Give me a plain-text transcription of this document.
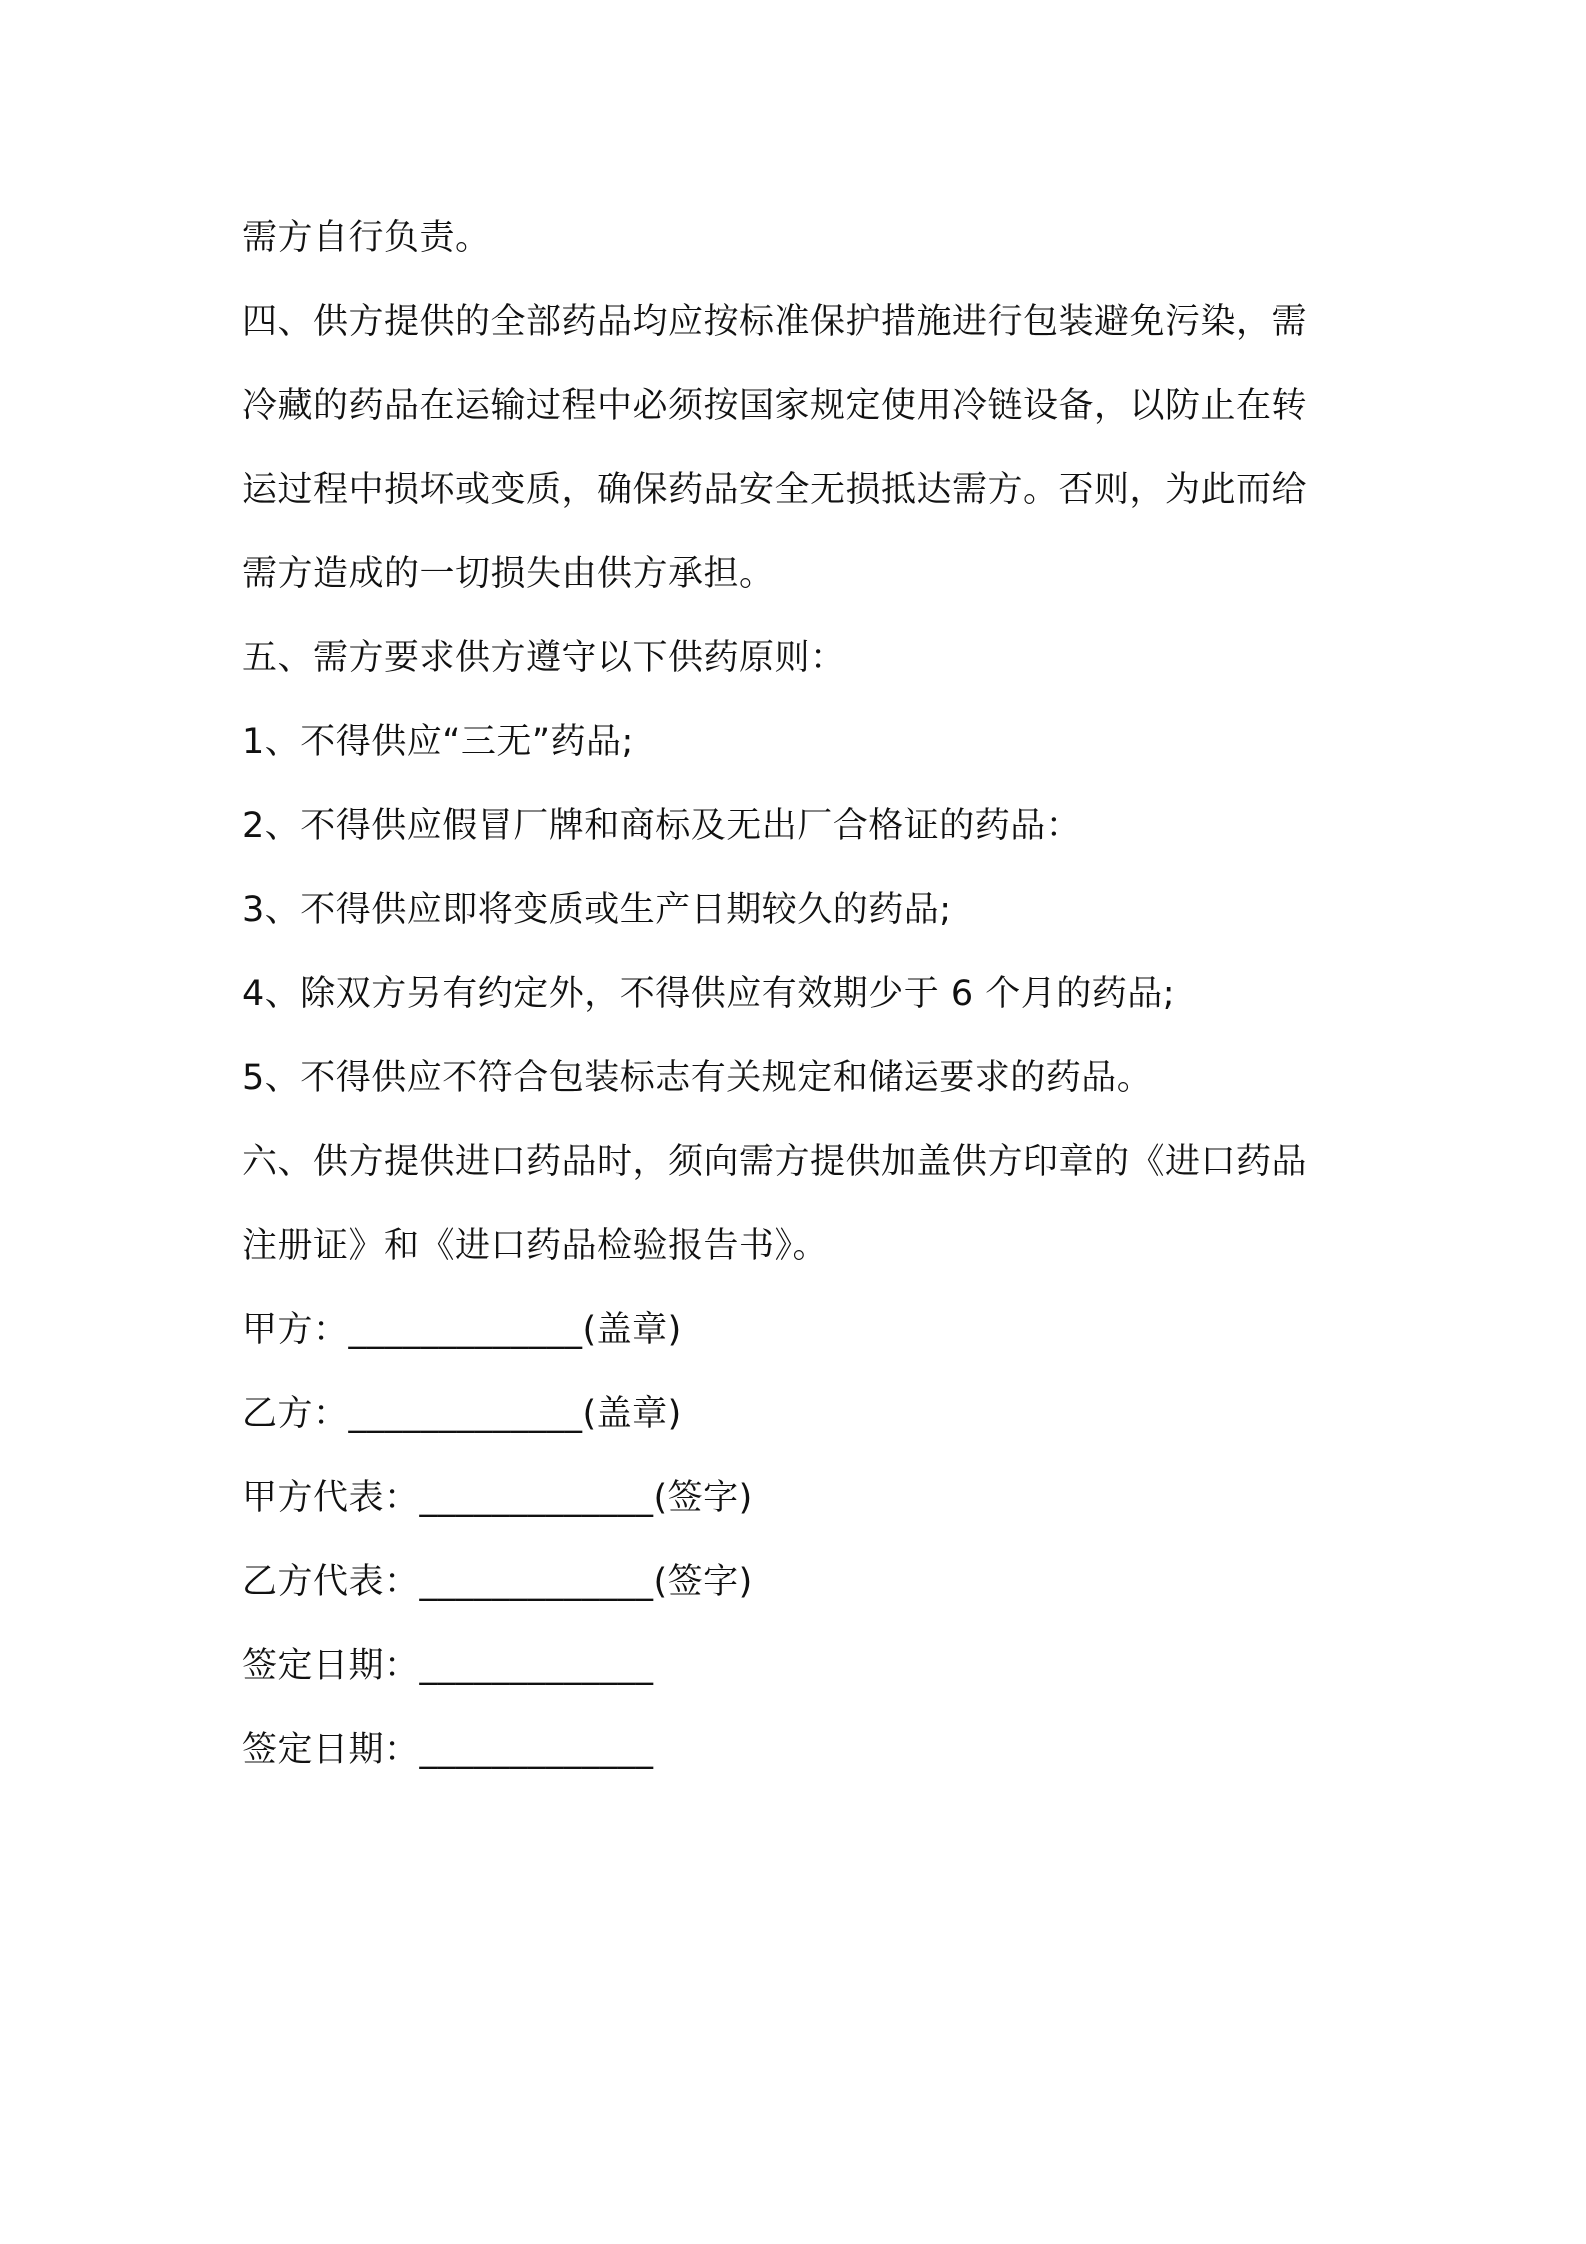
需方自行负责。
四、供方提供的全部药品均应按标准保护措施进行包装避免污染，需
冷藏的药品在运输过程中必须按国家规定使用冷链设备，以防止在转
运过程中损坏或变质，确保药品安全无损抵达需方。否则，为此而给
需方造成的一切损失由供方承担。
五、需方要求供方遵守以下供药原则：
1、不得供应“三无”药品;
2、不得供应假冒厂牌和商标及无出厂合格证的药品：
3、不得供应即将变质或生产日期较久的药品;
4、除双方另有约定外，不得供应有效期少于 6 个月的药品;
5、不得供应不符合包装标志有关规定和储运要求的药品。
六、供方提供进口药品时，须向需方提供加盖供方印章的《进口药品
注册证》和《进口药品检验报告书》。
甲方：_____________(盖章)
乙方：_____________(盖章)
甲方代表：_____________(签字)
乙方代表：_____________(签字)
签定日期：_____________
签定日期：_____________
